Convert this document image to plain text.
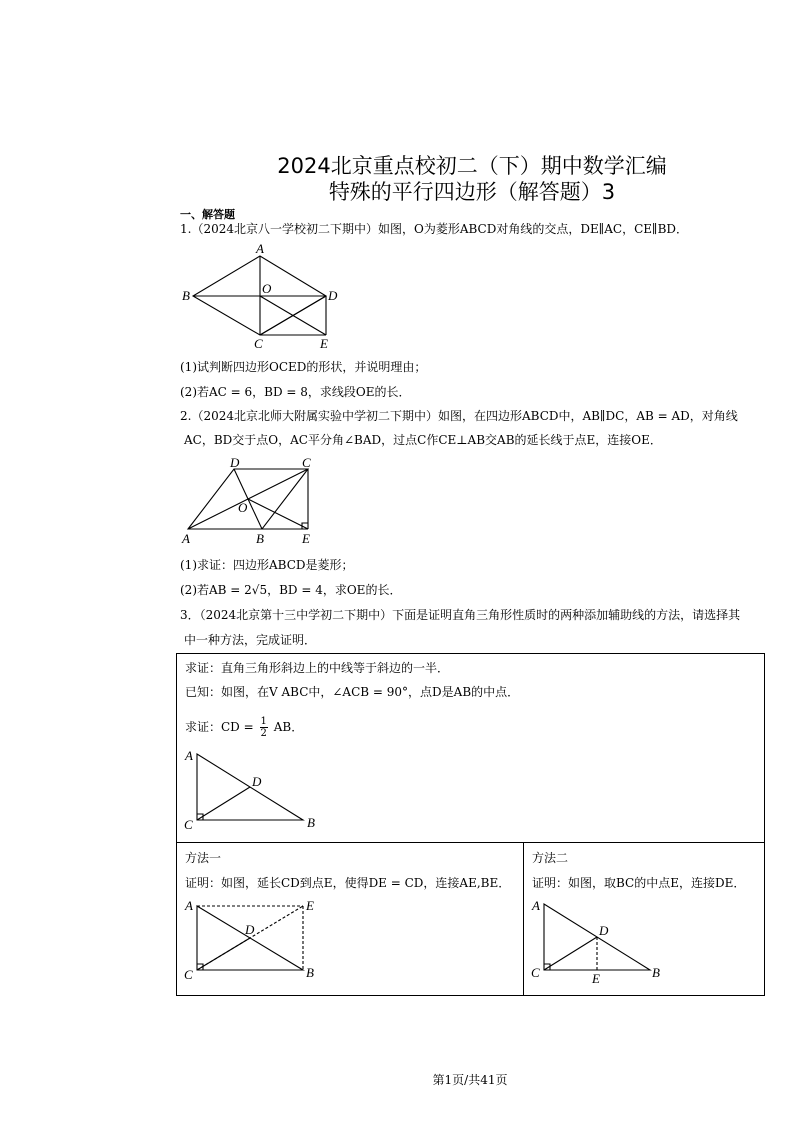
2024北京重点校初二（下）期中数学汇编
特殊的平行四边形（解答题）3
一、解答题
1.（2024北京八一学校初二下期中）如图，O为菱形ABCD对角线的交点，DE∥AC，CE∥BD．
A
B	O	D
C	E
(1)试判断四边形OCED的形状，并说明理由；
(2)若AC = 6，BD = 8，求线段OE的长．
2.（2024北京北师大附属实验中学初二下期中）如图，在四边形ABCD中，AB∥DC，AB = AD，对角线
AC，BD交于点O，AC平分角∠BAD，过点C作CE⊥AB交AB的延长线于点E，连接OE．
D	C
O
A	B	E
(1)求证：四边形ABCD是菱形；
(2)若AB = 2√5，BD = 4，求OE的长．
3．（2024北京第十三中学初二下期中）下面是证明直角三角形性质时的两种添加辅助线的方法，请选择其
中一种方法，完成证明．
求证：直角三角形斜边上的中线等于斜边的一半．
已知：如图，在V ABC中，∠ACB = 90°，点D是AB的中点．
求证：CD = $\frac{1}{2}$ AB．
A
D
C	B
方法一
证明：如图，延长CD到点E，使得DE = CD，连接AE,BE．
A	E
D
C	B
方法二
证明：如图，取BC的中点E，连接DE．
A
D
C	E	B
第1页/共41页
